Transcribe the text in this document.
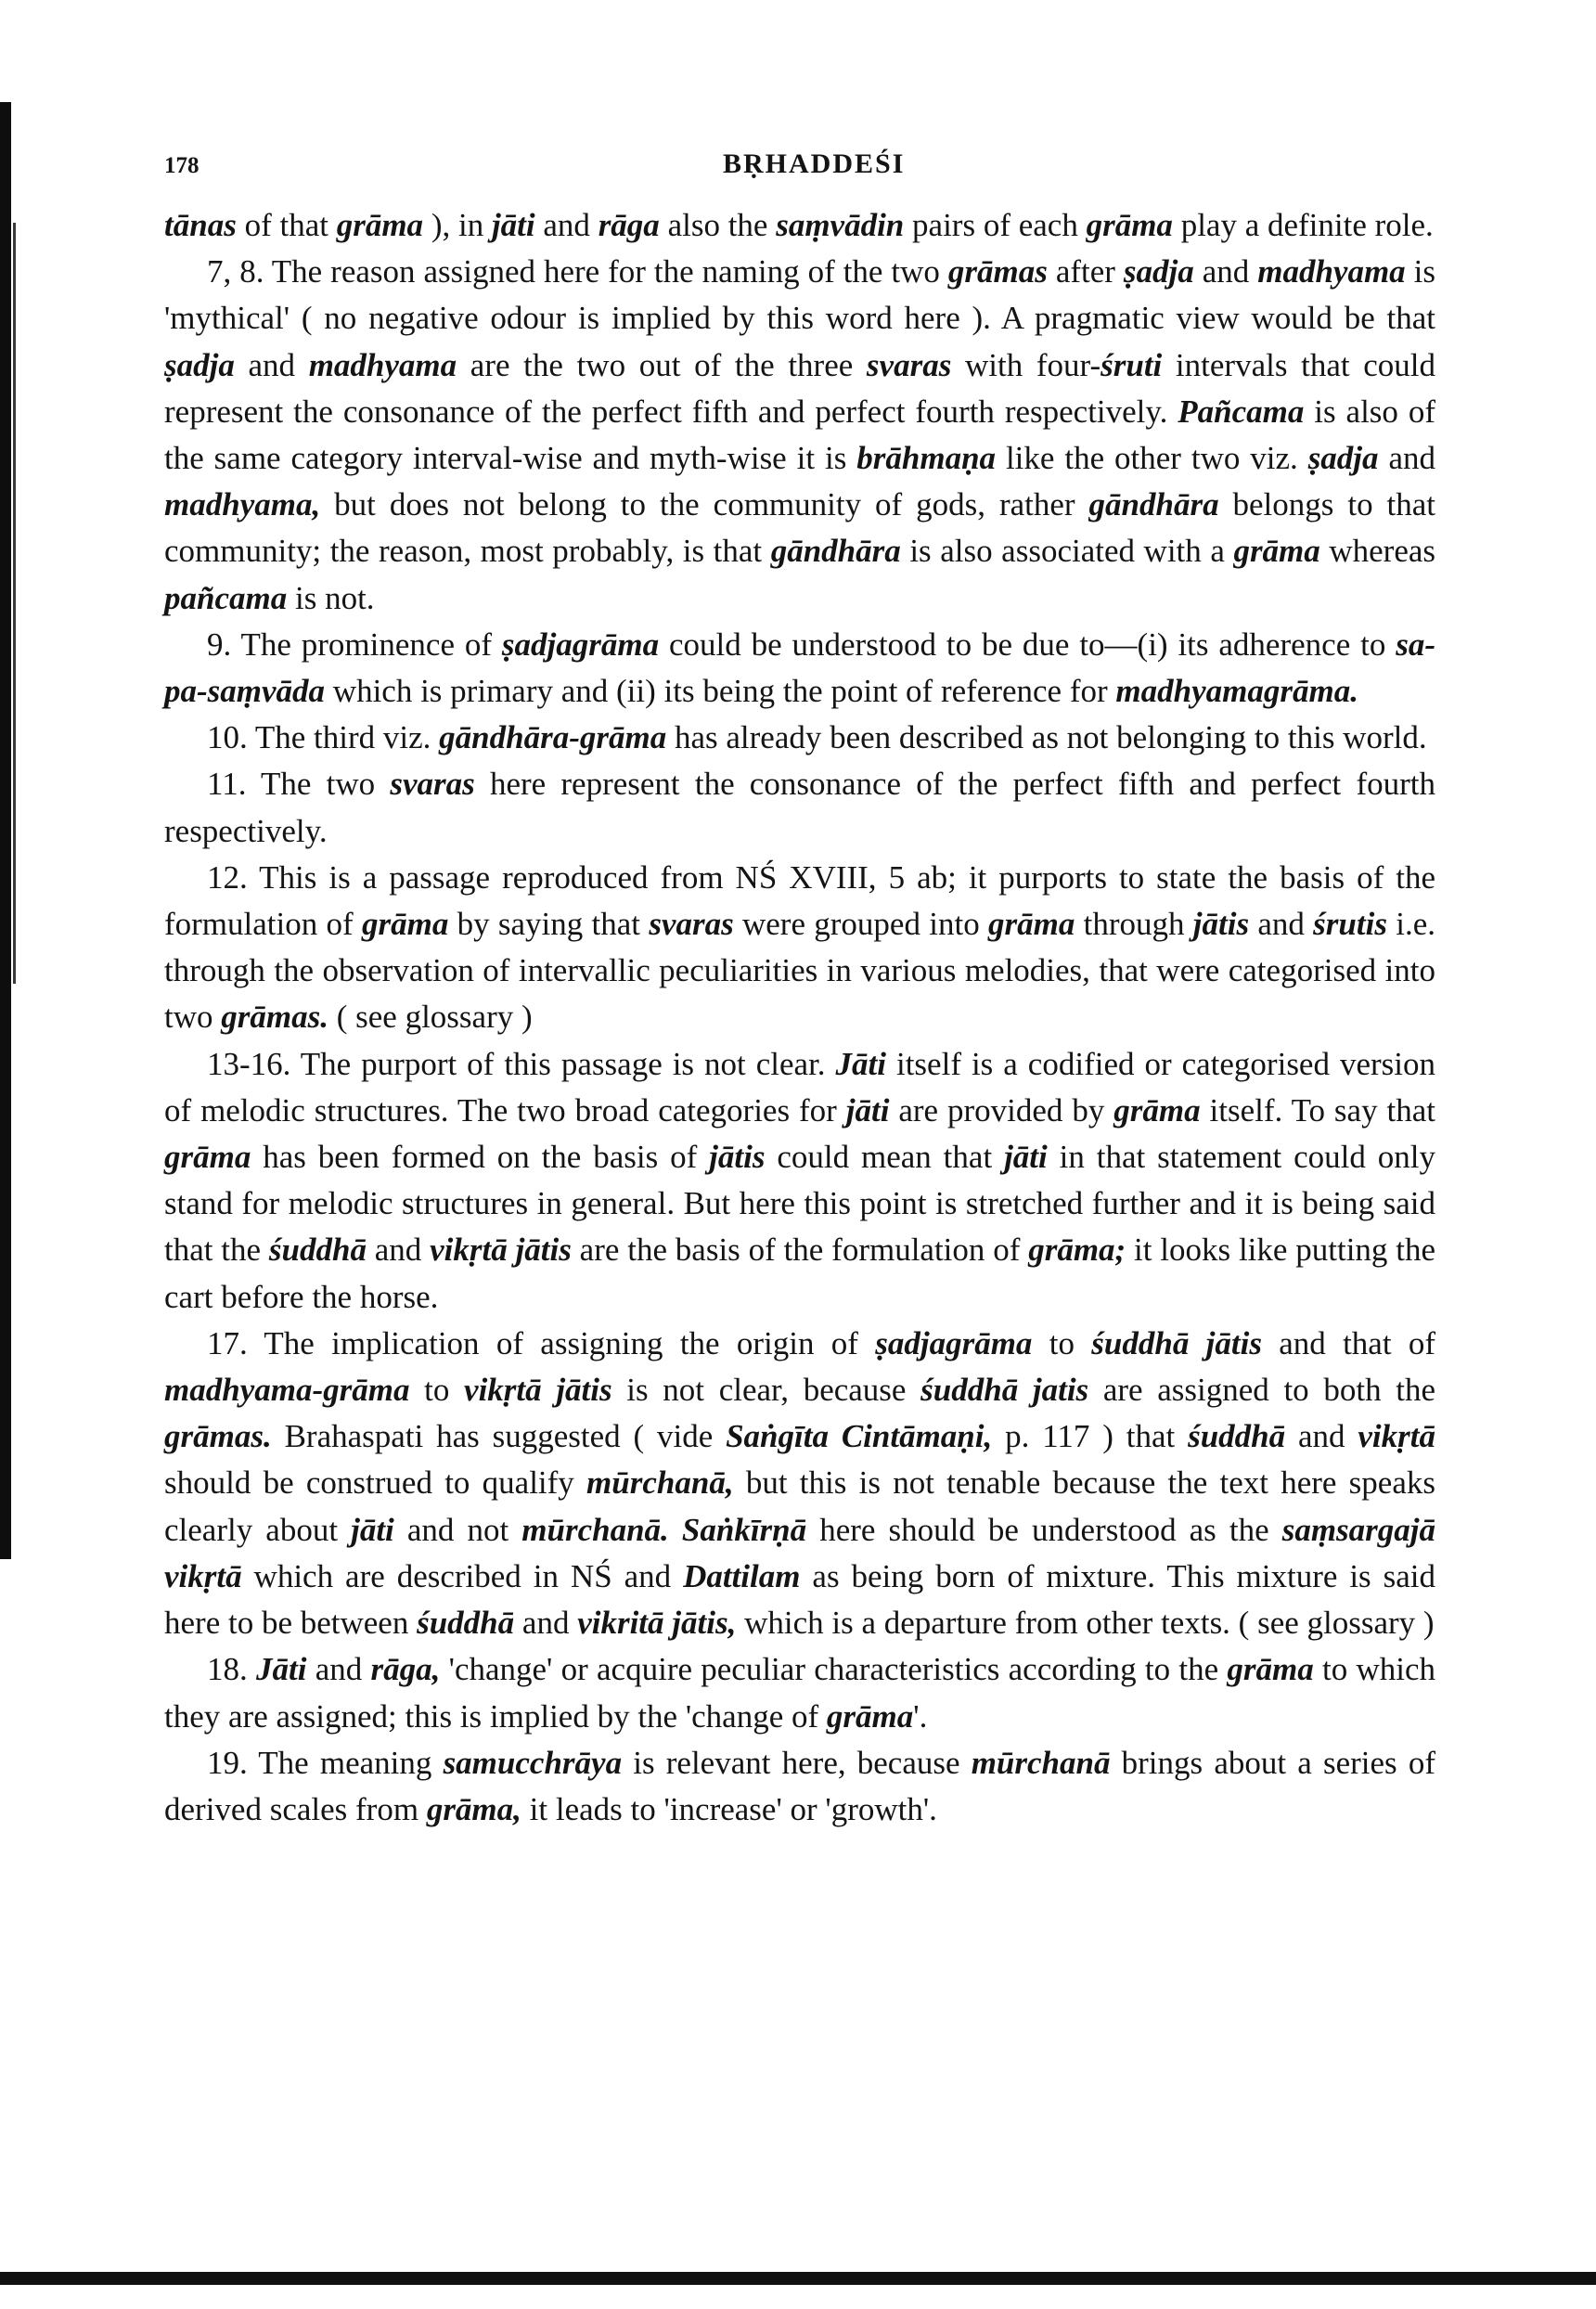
178	BṚHADDEŚI

tānas of that grāma ), in jāti and rāga also the saṃvādin pairs of each grāma play a definite role.

7, 8. The reason assigned here for the naming of the two grāmas after ṣadja and madhyama is 'mythical' ( no negative odour is implied by this word here ). A pragmatic view would be that ṣadja and madhyama are the two out of the three svaras with four-śruti intervals that could represent the consonance of the perfect fifth and perfect fourth respectively. Pañcama is also of the same category interval-wise and myth-wise it is brāhmaṇa like the other two viz. ṣadja and madhyama, but does not belong to the community of gods, rather gāndhāra belongs to that community; the reason, most probably, is that gāndhāra is also associated with a grāma whereas pañcama is not.

9. The prominence of ṣadjagrāma could be understood to be due to—(i) its adherence to sa-pa-saṃvāda which is primary and (ii) its being the point of reference for madhyamagrāma.

10. The third viz. gāndhāra-grāma has already been described as not belonging to this world.

11. The two svaras here represent the consonance of the perfect fifth and perfect fourth respectively.

12. This is a passage reproduced from NŚ XVIII, 5 ab; it purports to state the basis of the formulation of grāma by saying that svaras were grouped into grāma through jātis and śrutis i.e. through the observation of intervallic peculiarities in various melodies, that were categorised into two grāmas. ( see glossary )

13-16. The purport of this passage is not clear. Jāti itself is a codified or categorised version of melodic structures. The two broad categories for jāti are provided by grāma itself. To say that grāma has been formed on the basis of jātis could mean that jāti in that statement could only stand for melodic structures in general. But here this point is stretched further and it is being said that the śuddhā and vikṛtā jātis are the basis of the formulation of grāma; it looks like putting the cart before the horse.

17. The implication of assigning the origin of ṣadjagrāma to śuddhā jātis and that of madhyama-grāma to vikṛtā jātis is not clear, because śuddhā jatis are assigned to both the grāmas. Brahaspati has suggested ( vide Saṅgīta Cintāmaṇi, p. 117 ) that śuddhā and vikṛtā should be construed to qualify mūrchanā, but this is not tenable because the text here speaks clearly about jāti and not mūrchanā. Saṅkīrṇā here should be understood as the saṃsargajā vikṛtā which are described in NŚ and Dattilam as being born of mixture. This mixture is said here to be between śuddhā and vikritā jātis, which is a departure from other texts. ( see glossary )

18. Jāti and rāga, 'change' or acquire peculiar characteristics according to the grāma to which they are assigned; this is implied by the 'change of grāma'.

19. The meaning samucchrāya is relevant here, because mūrchanā brings about a series of derived scales from grāma, it leads to 'increase' or 'growth'.
